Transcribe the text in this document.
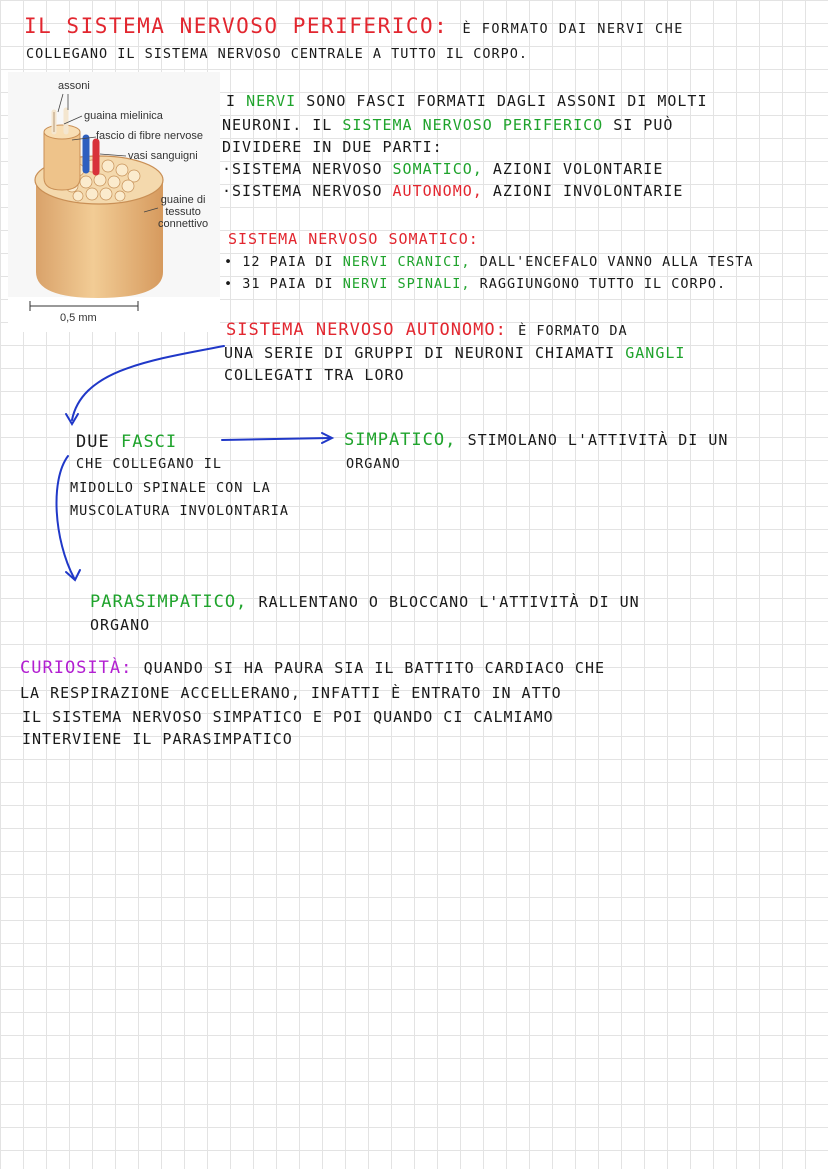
IL SISTEMA NERVOSO PERIFERICO: È FORMATO DAI NERVI CHE
COLLEGANO IL SISTEMA NERVOSO CENTRALE A TUTTO IL CORPO.
assoni
guaina mielinica
fascio di fibre nervose
vasi sanguigni
guaine di
tessuto
connettivo
0,5 mm
I NERVI SONO FASCI FORMATI DAGLI ASSONI DI MOLTI
NEURONI. IL SISTEMA NERVOSO PERIFERICO SI PUÒ
DIVIDERE IN DUE PARTI:
·SISTEMA NERVOSO SOMATICO, AZIONI VOLONTARIE
·SISTEMA NERVOSO AUTONOMO, AZIONI INVOLONTARIE
SISTEMA NERVOSO SOMATICO:
• 12 PAIA DI NERVI CRANICI, DALL'ENCEFALO VANNO ALLA TESTA
• 31 PAIA DI NERVI SPINALI, RAGGIUNGONO TUTTO IL CORPO.
SISTEMA NERVOSO AUTONOMO: È FORMATO DA
UNA SERIE DI GRUPPI DI NEURONI CHIAMATI GANGLI
COLLEGATI TRA LORO
DUE FASCI
CHE COLLEGANO IL
MIDOLLO SPINALE CON LA
MUSCOLATURA INVOLONTARIA
SIMPATICO, STIMOLANO L'ATTIVITÀ DI UN
ORGANO
PARASIMPATICO, RALLENTANO O BLOCCANO L'ATTIVITÀ DI UN
ORGANO
CURIOSITÀ: QUANDO SI HA PAURA SIA IL BATTITO CARDIACO CHE
LA RESPIRAZIONE ACCELLERANO, INFATTI È ENTRATO IN ATTO
IL SISTEMA NERVOSO SIMPATICO E POI QUANDO CI CALMIAMO
INTERVIENE IL PARASIMPATICO
